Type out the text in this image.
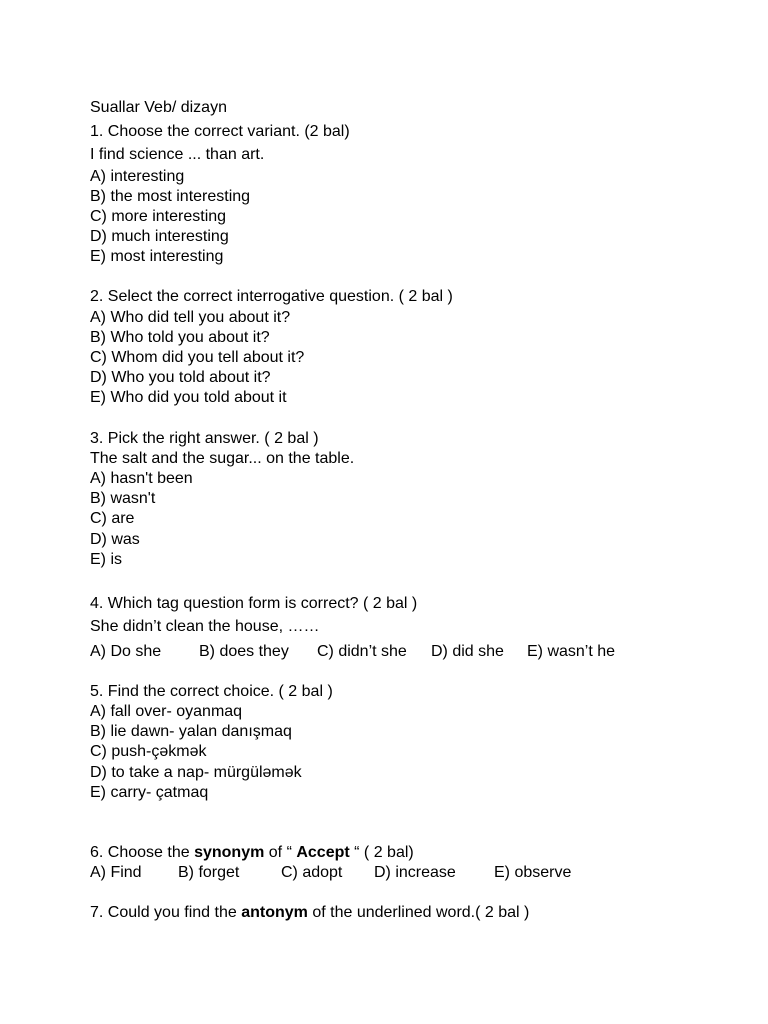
Suallar Veb/ dizayn
1. Choose the correct variant. (2 bal)
I find science ... than art.
A) interesting
B) the most interesting
C) more interesting
D) much interesting
E) most interesting
2. Select the correct interrogative question. ( 2 bal )
A) Who did tell you about it?
B) Who told you about it?
C) Whom did you tell about it?
D) Who you told about it?
E) Who did you told about it
3. Pick the right answer. ( 2 bal )
The salt and the sugar... on the table.
A) hasn't been
B) wasn't
C) are
D) was
E) is
4. Which tag question form is correct? ( 2 bal )
She didn’t clean the house, ……
A) Do she B) does they C) didn’t she D) did she E) wasn’t he
5. Find the correct choice. ( 2 bal )
A) fall over- oyanmaq
B) lie dawn- yalan danışmaq
C) push-çəkmək
D) to take a nap- mürgüləmək
E) carry- çatmaq
6. Choose the synonym of “ Accept “ ( 2 bal)
A) Find B) forget	C) adopt D) increase E) observe
7. Could you find the antonym of the underlined word.( 2 bal )
